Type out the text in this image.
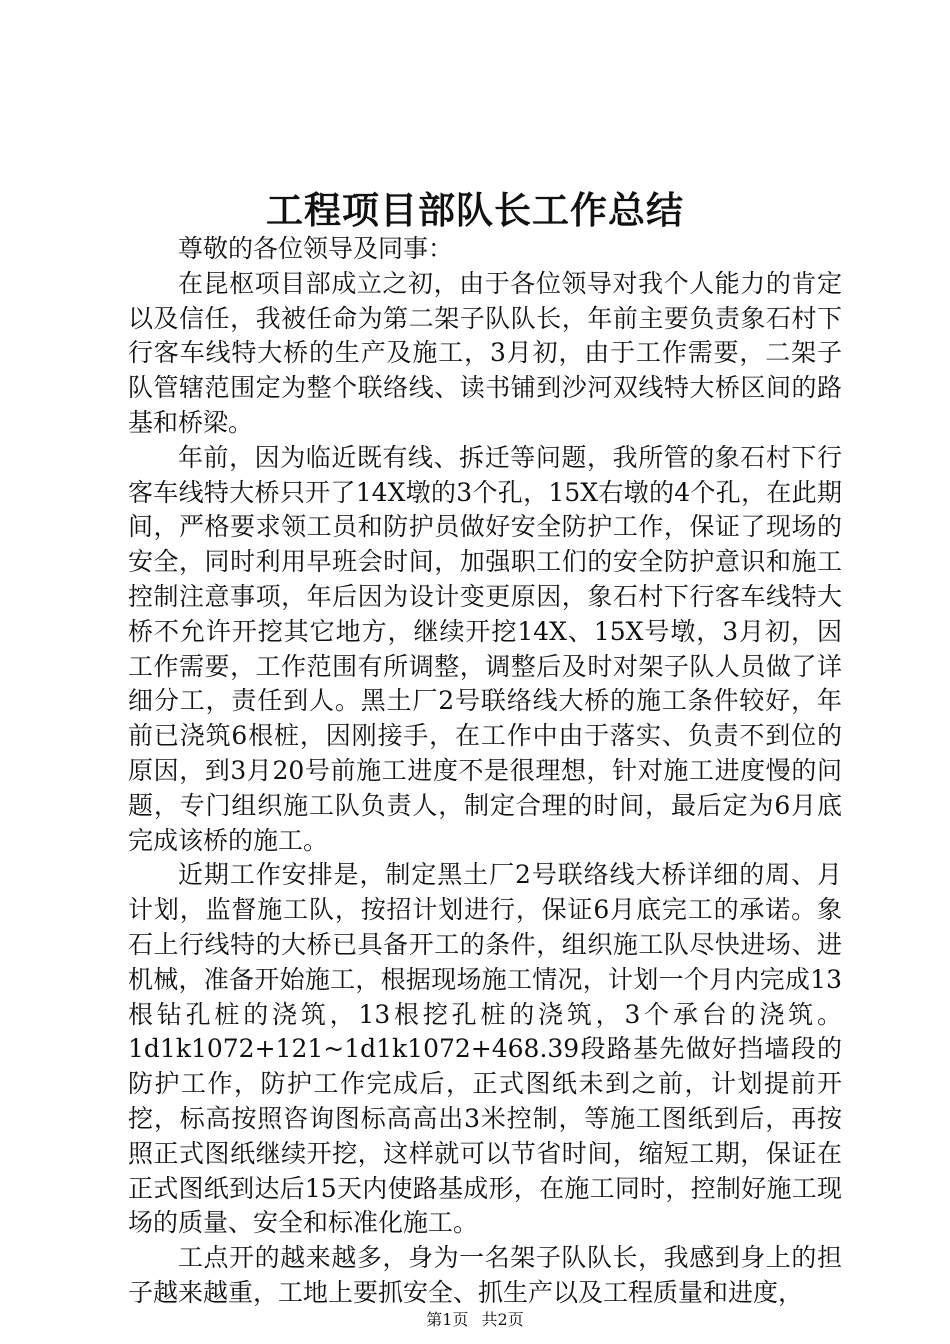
工程项目部队长工作总结

尊敬的各位领导及同事：

在昆枢项目部成立之初，由于各位领导对我个人能力的肯定以及信任，我被任命为第二架子队队长，年前主要负责象石村下行客车线特大桥的生产及施工，3月初，由于工作需要，二架子队管辖范围定为整个联络线、读书铺到沙河双线特大桥区间的路基和桥梁。

年前，因为临近既有线、拆迁等问题，我所管的象石村下行客车线特大桥只开了14X墩的3个孔，15X右墩的4个孔，在此期间，严格要求领工员和防护员做好安全防护工作，保证了现场的安全，同时利用早班会时间，加强职工们的安全防护意识和施工控制注意事项，年后因为设计变更原因，象石村下行客车线特大桥不允许开挖其它地方，继续开挖14X、15X号墩，3月初，因工作需要，工作范围有所调整，调整后及时对架子队人员做了详细分工，责任到人。黑土厂2号联络线大桥的施工条件较好，年前已浇筑6根桩，因刚接手，在工作中由于落实、负责不到位的原因，到3月20号前施工进度不是很理想，针对施工进度慢的问题，专门组织施工队负责人，制定合理的时间，最后定为6月底完成该桥的施工。

近期工作安排是，制定黑土厂2号联络线大桥详细的周、月计划，监督施工队，按招计划进行，保证6月底完工的承诺。象石上行线特的大桥已具备开工的条件，组织施工队尽快进场、进机械，准备开始施工，根据现场施工情况，计划一个月内完成13根钻孔桩的浇筑，13根挖孔桩的浇筑，3个承台的浇筑。1d1k1072+121~1d1k1072+468.39段路基先做好挡墙段的防护工作，防护工作完成后，正式图纸未到之前，计划提前开挖，标高按照咨询图标高高出3米控制，等施工图纸到后，再按照正式图纸继续开挖，这样就可以节省时间，缩短工期，保证在正式图纸到达后15天内使路基成形，在施工同时，控制好施工现场的质量、安全和标准化施工。

工点开的越来越多，身为一名架子队队长，我感到身上的担子越来越重，工地上要抓安全、抓生产以及工程质量和进度，

第1页 共2页
